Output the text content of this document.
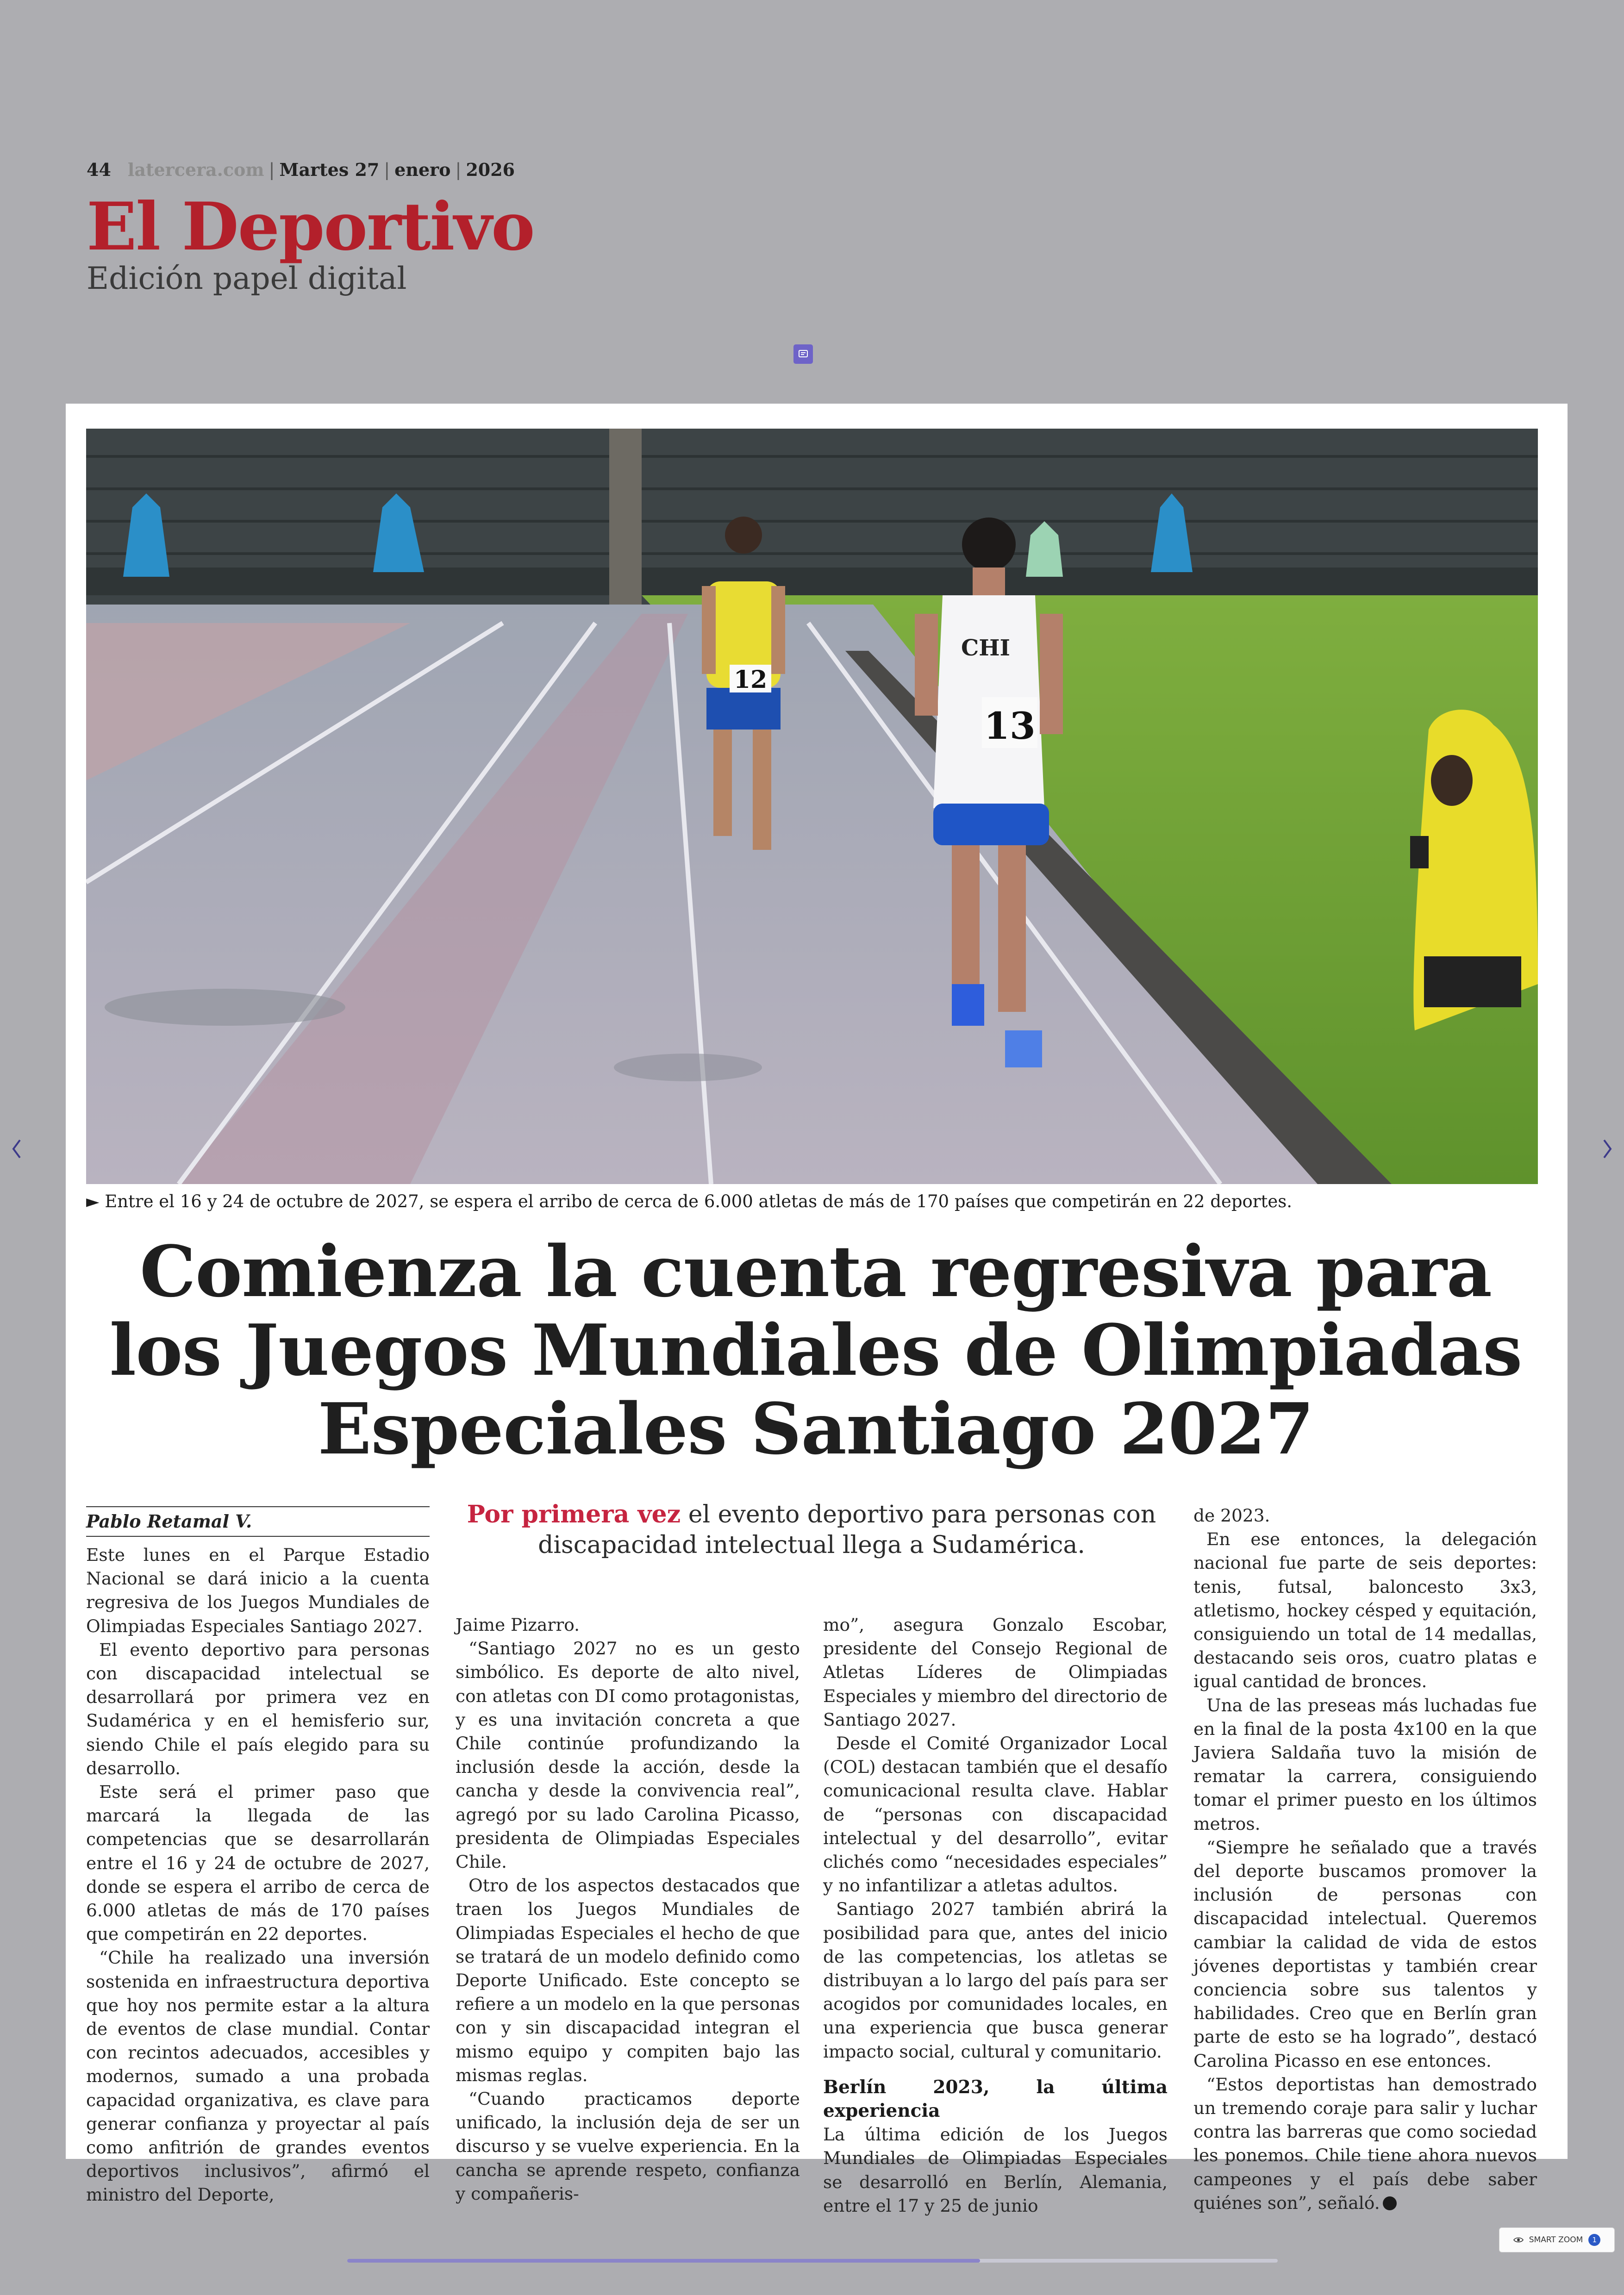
44 latercera.com | Martes 27 | enero | 2026
El Deportivo
Edición papel digital
12
CHI
13
► Entre el 16 y 24 de octubre de 2027, se espera el arribo de cerca de 6.000 atletas de más de 170 países que competirán en 22 deportes.
Comienza la cuenta regresiva para
los Juegos Mundiales de Olimpiadas
Especiales Santiago 2027
Pablo Retamal V.	Por primera vez el evento deportivo para personas con
discapacidad intelectual llega a Sudamérica.

Este lunes en el Parque Estadio Nacional se dará inicio a la cuenta regresiva de los Juegos Mundiales de Olimpiadas Especiales Santiago 2027.

El evento deportivo para personas con discapacidad intelectual se desarrollará por primera vez en Sudamérica y en el hemisferio sur, siendo Chile el país elegido para su desarrollo.

Este será el primer paso que marcará la llegada de las competencias que se desarrollarán entre el 16 y 24 de octubre de 2027, donde se espera el arribo de cerca de 6.000 atletas de más de 170 países que competirán en 22 deportes.

“Chile ha realizado una inversión sostenida en infraestructura deportiva que hoy nos permite estar a la altura de eventos de clase mundial. Contar con recintos adecuados, accesibles y modernos, sumado a una probada capacidad organizativa, es clave para generar confianza y proyectar al país como anfitrión de grandes eventos deportivos inclusivos”, afirmó el ministro del Deporte,

Jaime Pizarro.

“Santiago 2027 no es un gesto simbólico. Es deporte de alto nivel, con atletas con DI como protagonistas, y es una invitación concreta a que Chile continúe profundizando la inclusión desde la acción, desde la cancha y desde la convivencia real”, agregó por su lado Carolina Picasso, presidenta de Olimpiadas Especiales Chile.

Otro de los aspectos destacados que traen los Juegos Mundiales de Olimpiadas Especiales el hecho de que se tratará de un modelo definido como Deporte Unificado. Este concepto se refiere a un modelo en la que personas con y sin discapacidad integran el mismo equipo y compiten bajo las mismas reglas.

“Cuando practicamos deporte unificado, la inclusión deja de ser un discurso y se vuelve experiencia. En la cancha se aprende respeto, confianza y compañeris-

mo”, asegura Gonzalo Escobar, presidente del Consejo Regional de Atletas Líderes de Olimpiadas Especiales y miembro del directorio de Santiago 2027.

Desde el Comité Organizador Local (COL) destacan también que el desafío comunicacional resulta clave. Hablar de “personas con discapacidad intelectual y del desarrollo”, evitar clichés como “necesidades especiales” y no infantilizar a atletas adultos.

Santiago 2027 también abrirá la posibilidad para que, antes del inicio de las competencias, los atletas se distribuyan a lo largo del país para ser acogidos por comunidades locales, en una experiencia que busca generar impacto social, cultural y comunitario.

Berlín 2023, la última experiencia

La última edición de los Juegos Mundiales de Olimpiadas Especiales se desarrolló en Berlín, Alemania, entre el 17 y 25 de junio

de 2023.

En ese entonces, la delegación nacional fue parte de seis deportes: tenis, futsal, baloncesto 3x3, atletismo, hockey césped y equitación, consiguiendo un total de 14 medallas, destacando seis oros, cuatro platas e igual cantidad de bronces.

Una de las preseas más luchadas fue en la final de la posta 4x100 en la que Javiera Saldaña tuvo la misión de rematar la carrera, consiguiendo tomar el primer puesto en los últimos metros.

“Siempre he señalado que a través del deporte buscamos promover la inclusión de personas con discapacidad intelectual. Queremos cambiar la calidad de vida de estos jóvenes deportistas y también crear conciencia sobre sus talentos y habilidades. Creo que en Berlín gran parte de esto se ha logrado”, destacó Carolina Picasso en ese entonces.

“Estos deportistas han demostrado un tremendo coraje para salir y luchar contra las barreras que como sociedad les ponemos. Chile tiene ahora nuevos campeones y el país debe saber quiénes son”, señaló.

SMART ZOOM	1
